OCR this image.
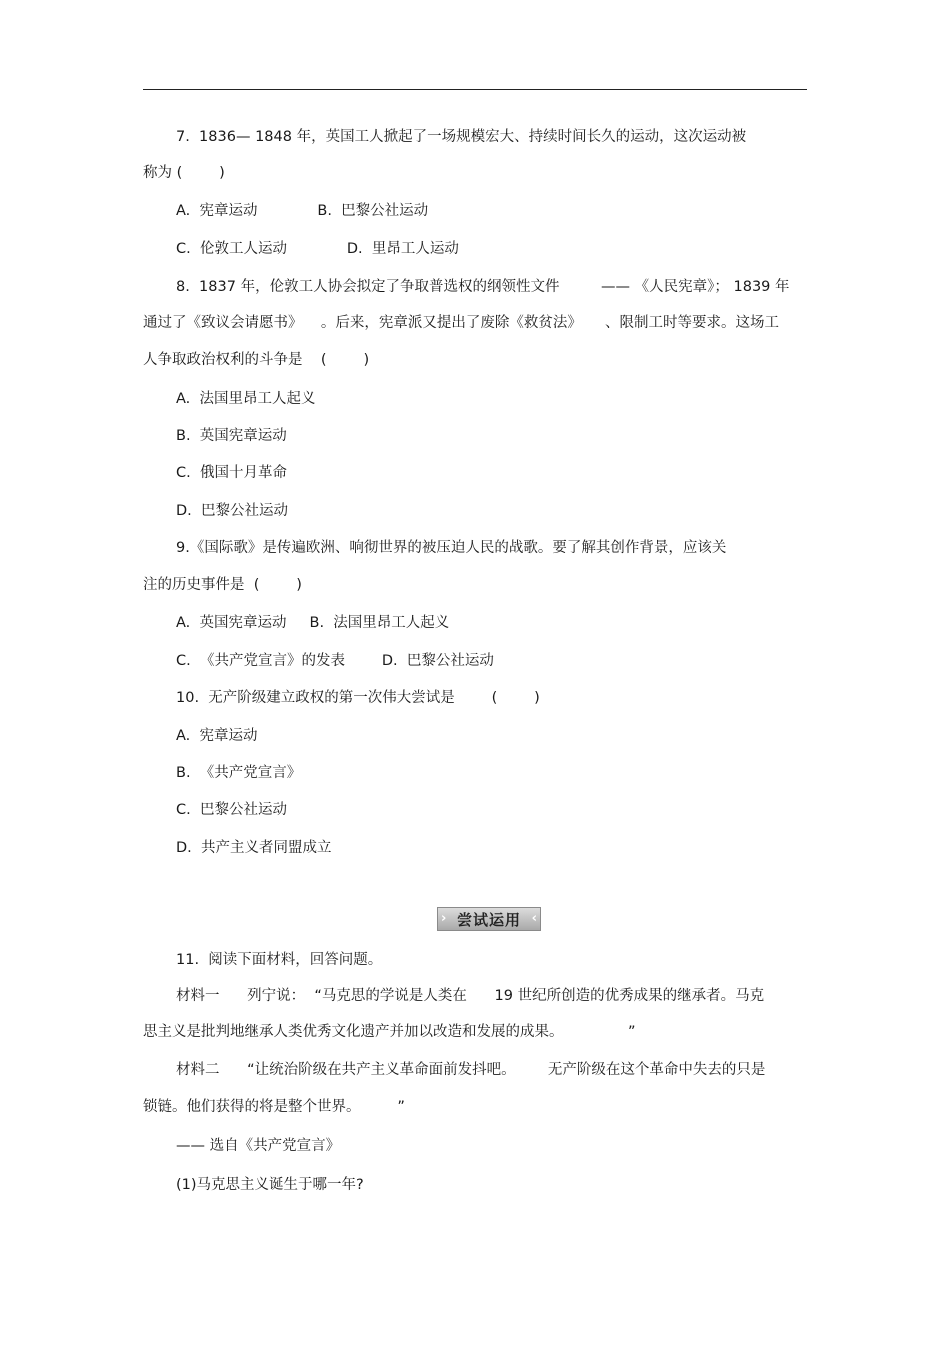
7.  1836— 1848 年，英国工人掀起了一场规模宏大、持续时间长久的运动，这次运动被
称为 (        )
A.  宪章运动             B.  巴黎公社运动
C.  伦敦工人运动             D.  里昂工人运动
8.  1837 年，伦敦工人协会拟定了争取普选权的纲领性文件         —— 《人民宪章》； 1839 年
通过了《致议会请愿书》    。后来，宪章派又提出了废除《救贫法》     、限制工时等要求。这场工
人争取政治权利的斗争是    (        )
A.  法国里昂工人起义
B.  英国宪章运动
C.  俄国十月革命
D.  巴黎公社运动
9.《国际歌》是传遍欧洲、响彻世界的被压迫人民的战歌。要了解其创作背景，应该关
注的历史事件是  (        )
A.  英国宪章运动     B.  法国里昂工人起义
C.  《共产党宣言》的发表        D.  巴黎公社运动
10.  无产阶级建立政权的第一次伟大尝试是        (        )
A.  宪章运动
B.  《共产党宣言》
C.  巴黎公社运动
D.  共产主义者同盟成立
11.  阅读下面材料，回答问题。
材料一      列宁说：  “马克思的学说是人类在      19 世纪所创造的优秀成果的继承者。马克
思主义是批判地继承人类优秀文化遗产并加以改造和发展的成果。              ”
材料二      “让统治阶级在共产主义革命面前发抖吧。       无产阶级在这个革命中失去的只是
锁链。他们获得的将是整个世界。        ”
—— 选自《共产党宣言》
(1)马克思主义诞生于哪一年?
› 尝试运用 ‹
